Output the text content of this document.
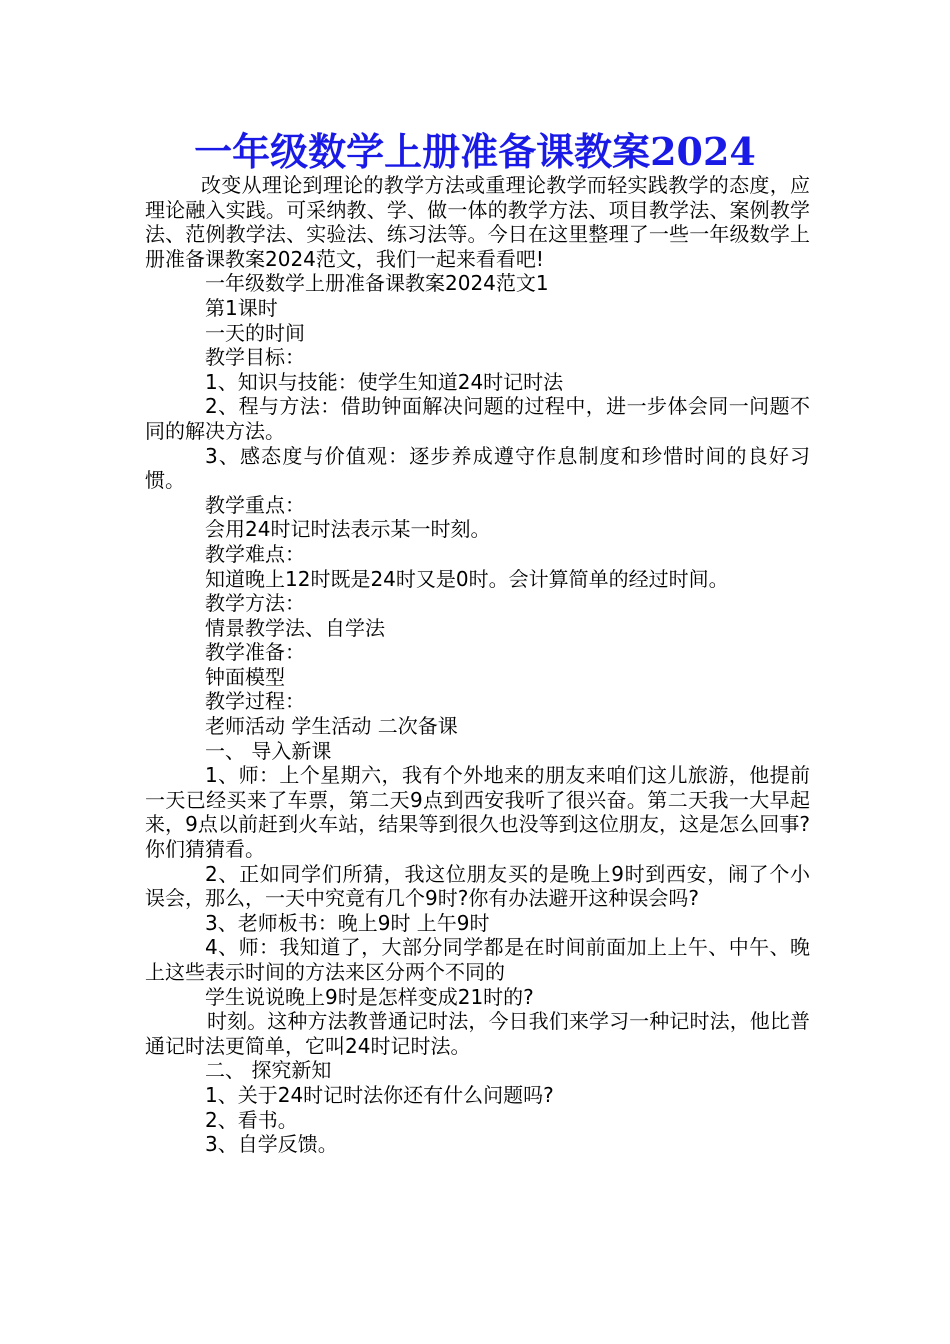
一年级数学上册准备课教案2024

改变从理论到理论的教学方法或重理论教学而轻实践教学的态度，应理论融入实践。可采纳教、学、做一体的教学方法、项目教学法、案例教学法、范例教学法、实验法、练习法等。今日在这里整理了一些一年级数学上册准备课教案2024范文，我们一起来看看吧!

一年级数学上册准备课教案2024范文1

第1课时

一天的时间

教学目标：

1、知识与技能：使学生知道24时记时法

2、程与方法：借助钟面解决问题的过程中，进一步体会同一问题不同的解决方法。

3、感态度与价值观：逐步养成遵守作息制度和珍惜时间的良好习惯。

教学重点：

会用24时记时法表示某一时刻。

教学难点：

知道晚上12时既是24时又是0时。会计算简单的经过时间。

教学方法：

情景教学法、自学法

教学准备：

钟面模型

教学过程：

老师活动 学生活动 二次备课

一、 导入新课

1、师：上个星期六，我有个外地来的朋友来咱们这儿旅游，他提前一天已经买来了车票，第二天9点到西安我听了很兴奋。第二天我一大早起来，9点以前赶到火车站，结果等到很久也没等到这位朋友，这是怎么回事?你们猜猜看。

2、正如同学们所猜，我这位朋友买的是晚上9时到西安，闹了个小误会，那么，一天中究竟有几个9时?你有办法避开这种误会吗?

3、老师板书：晚上9时 上午9时

4、师：我知道了，大部分同学都是在时间前面加上上午、中午、晚上这些表示时间的方法来区分两个不同的

学生说说晚上9时是怎样变成21时的?

时刻。这种方法教普通记时法，今日我们来学习一种记时法，他比普通记时法更简单，它叫24时记时法。

二、 探究新知

1、关于24时记时法你还有什么问题吗?

2、看书。

3、自学反馈。
